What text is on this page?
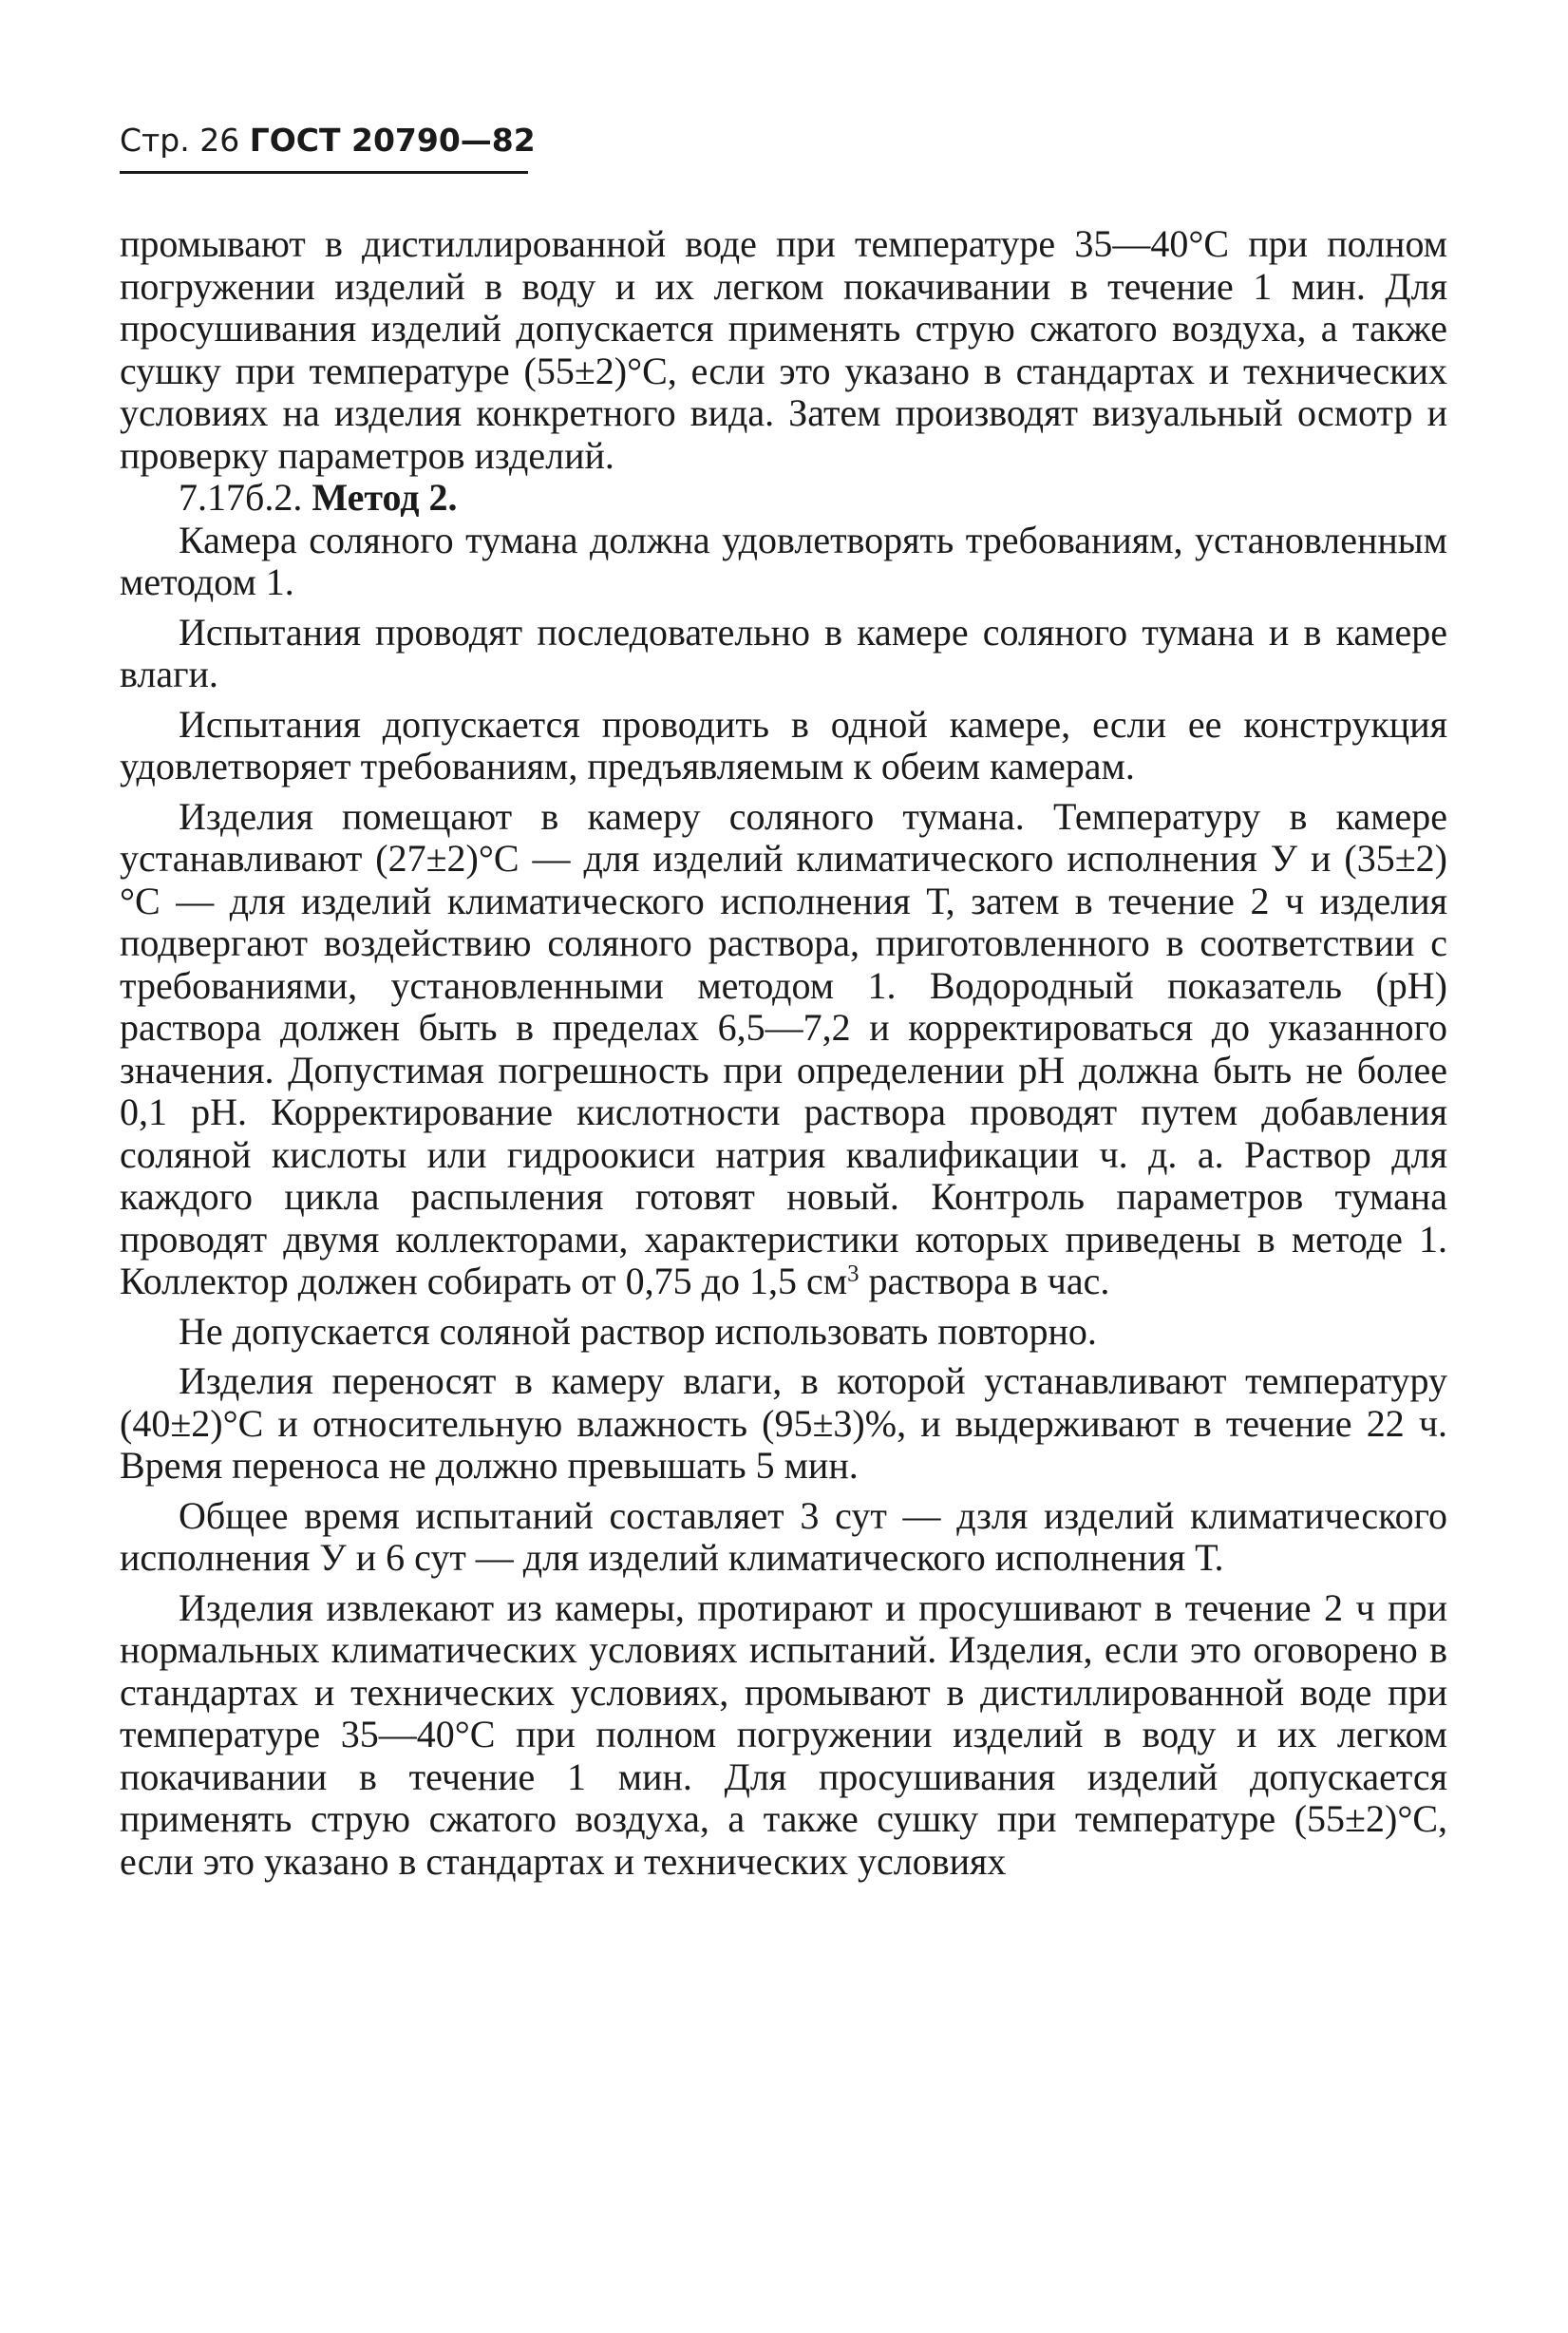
Стр. 26 ГОСТ 20790—82

промывают в дистиллированной воде при температуре 35—40°С при полном погружении изделий в воду и их легком покачивании в течение 1 мин. Для просушивания изделий допускается применять струю сжатого воздуха, а также сушку при температуре (55±2)°С, если это указано в стандартах и технических условиях на изделия конкретного вида. Затем производят визуальный осмотр и проверку параметров изделий.

7.17б.2. Метод 2.

Камера соляного тумана должна удовлетворять требованиям, установленным методом 1.

Испытания проводят последовательно в камере соляного тумана и в камере влаги.

Испытания допускается проводить в одной камере, если ее конструкция удовлетворяет требованиям, предъявляемым к обеим камерам.

Изделия помещают в камеру соляного тумана. Температуру в камере устанавливают (27±2)°С — для изделий климатического исполнения У и (35±2)°С — для изделий климатического исполнения Т, затем в течение 2 ч изделия подвергают воздействию соляного раствора, приготовленного в соответствии с требованиями, установленными методом 1. Водородный показатель (рН) раствора должен быть в пределах 6,5—7,2 и корректироваться до указанного значения. Допустимая погрешность при определении рН должна быть не более 0,1 рН. Корректирование кислотности раствора проводят путем добавления соляной кислоты или гидроокиси натрия квалификации ч. д. а. Раствор для каждого цикла распыления готовят новый. Контроль параметров тумана проводят двумя коллекторами, характеристики которых приведены в методе 1. Коллектор должен собирать от 0,75 до 1,5 $см^3$ раствора в час.

Не допускается соляной раствор использовать повторно.

Изделия переносят в камеру влаги, в которой устанавливают температуру (40±2)°С и относительную влажность (95±3)%, и выдерживают в течение 22 ч. Время переноса не должно превышать 5 мин.

Общее время испытаний составляет 3 сут — дзля изделий климатического исполнения У и 6 сут — для изделий климатического исполнения Т.

Изделия извлекают из камеры, протирают и просушивают в течение 2 ч при нормальных климатических условиях испытаний. Изделия, если это оговорено в стандартах и технических условиях, промывают в дистиллированной воде при температуре 35—40°С при полном погружении изделий в воду и их легком покачивании в течение 1 мин. Для просушивания изделий допускается применять струю сжатого воздуха, а также сушку при температуре (55±2)°С, если это указано в стандартах и технических условиях
